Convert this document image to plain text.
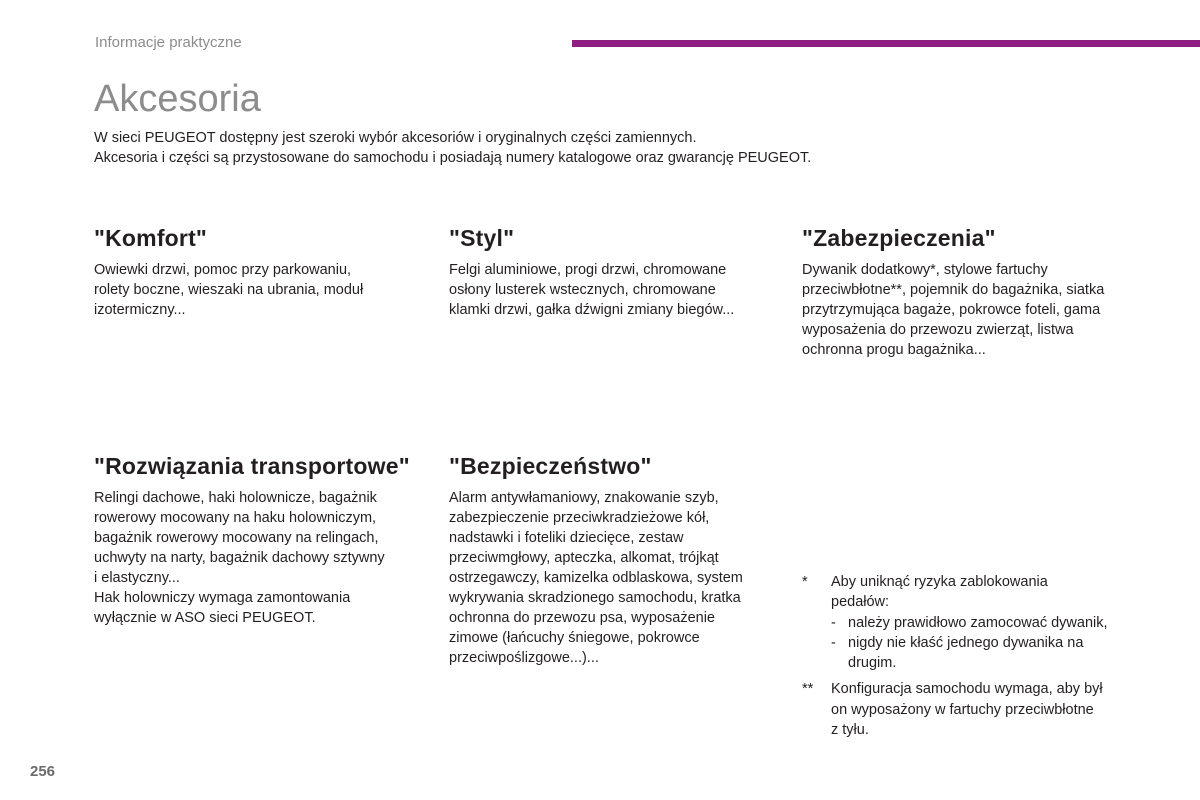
Informacje praktyczne
Akcesoria
W sieci PEUGEOT dostępny jest szeroki wybór akcesoriów i oryginalnych części zamiennych.
Akcesoria i części są przystosowane do samochodu i posiadają numery katalogowe oraz gwarancję PEUGEOT.
"Komfort"
Owiewki drzwi, pomoc przy parkowaniu,
rolety boczne, wieszaki na ubrania, moduł
izotermiczny...
"Styl"
Felgi aluminiowe, progi drzwi, chromowane
osłony lusterek wstecznych, chromowane
klamki drzwi, gałka dźwigni zmiany biegów...
"Zabezpieczenia"
Dywanik dodatkowy*, stylowe fartuchy
przeciwbłotne**, pojemnik do bagażnika, siatka
przytrzymująca bagaże, pokrowce foteli, gama
wyposażenia do przewozu zwierząt, listwa
ochronna progu bagażnika...
"Rozwiązania transportowe"
Relingi dachowe, haki holownicze, bagażnik
rowerowy mocowany na haku holowniczym,
bagażnik rowerowy mocowany na relingach,
uchwyty na narty, bagażnik dachowy sztywny
i elastyczny...
Hak holowniczy wymaga zamontowania
wyłącznie w ASO sieci PEUGEOT.
"Bezpieczeństwo"
Alarm antywłamaniowy, znakowanie szyb,
zabezpieczenie przeciwkradzieżowe kół,
nadstawki i foteliki dziecięce, zestaw
przeciwmgłowy, apteczka, alkomat, trójkąt
ostrzegawczy, kamizelka odblaskowa, system
wykrywania skradzionego samochodu, kratka
ochronna do przewozu psa, wyposażenie
zimowe (łańcuchy śniegowe, pokrowce
przeciwpoślizgowe...)...
*	Aby uniknąć ryzyka zablokowania
pedałów:
- należy prawidłowo zamocować dywanik,
- nigdy nie kłaść jednego dywanika na
drugim.
**	Konfiguracja samochodu wymaga, aby był
on wyposażony w fartuchy przeciwbłotne
z tyłu.
256
